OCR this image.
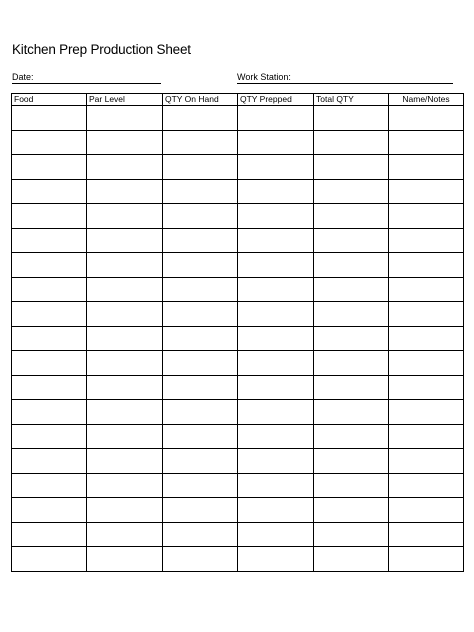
Kitchen Prep Production Sheet
Date:	Work Station:
Food	Par Level	QTY On Hand	QTY Prepped	Total QTY	Name/Notes
